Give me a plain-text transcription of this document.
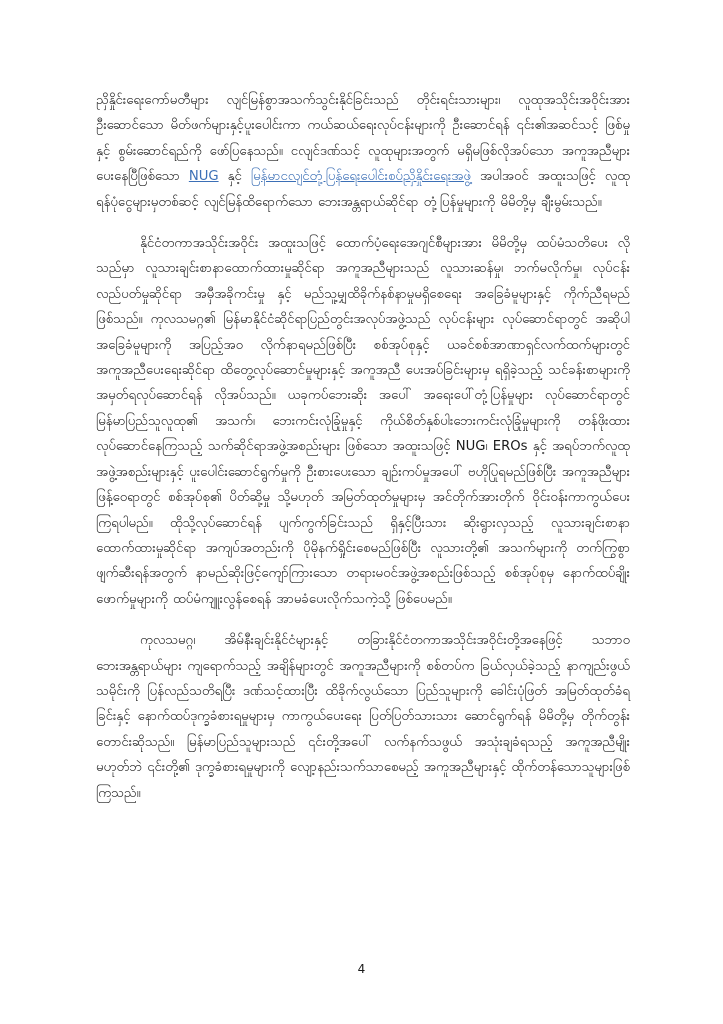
ညှိနှိုင်းရေးကော်မတီများ လျင်မြန်စွာအသက်သွင်းနိုင်ခြင်းသည် တိုင်းရင်းသားများ၊ လူထုအသိုင်းအဝိုင်းအား ဦးဆောင်သော မိတ်ဖက်များနှင့်ပူးပေါင်းကာ ကယ်ဆယ်ရေးလုပ်ငန်းများကို ဦးဆောင်ရန် ၎င်း၏အဆင်သင့် ဖြစ်မှုနှင့် စွမ်းဆောင်ရည်ကို ဖော်ပြနေသည်။ ငလျင်ဒဏ်သင့် လူထုများအတွက် မရှိမဖြစ်လိုအပ်သော အကူအညီများ ပေးနေပြီဖြစ်သော NUG နှင့် မြန်မာငလျင်တုံ့ပြန်ရေးပေါင်းစပ်ညှိနှိုင်းရေးအဖွဲ့ အပါအဝင် အထူးသဖြင့် လူထုရန်ပုံငွေများမှတစ်ဆင့် လျင်မြန်ထိရောက်သော ဘေးအန္တရာယ်ဆိုင်ရာ တုံ့ပြန်မှုများကို မိမိတို့မှ ချီးမွမ်းသည်။

နိုင်ငံတကာအသိုင်းအဝိုင်း အထူးသဖြင့် ထောက်ပံ့ရေးအေဂျင်စီများအား မိမိတို့မှ ထပ်မံသတိပေး လိုသည်မှာ လူသားချင်းစာနာထောက်ထားမှုဆိုင်ရာ အကူအညီများသည် လူသားဆန်မှု၊ ဘက်မလိုက်မှု၊ လုပ်ငန်းလည်ပတ်မှုဆိုင်ရာ အမှီအခိုကင်းမှု နှင့် မည်သူ့မျှထိခိုက်နစ်နာမှုမရှိစေရေး အခြေခံမူများနှင့် ကိုက်ညီရမည်ဖြစ်သည်။ ကုလသမဂ္ဂ၏ မြန်မာနိုင်ငံဆိုင်ရာပြည်တွင်းအလုပ်အဖွဲ့သည် လုပ်ငန်းများ လုပ်ဆောင်ရာတွင် အဆိုပါအခြေခံမူများကို အပြည့်အဝ လိုက်နာရမည်ဖြစ်ပြီး စစ်အုပ်စုနှင့် ယခင်စစ်အာဏာရှင်လက်ထက်များတွင် အကူအညီပေးရေးဆိုင်ရာ ထိတွေ့လုပ်ဆောင်မှုများနှင့် အကူအညီ ပေးအပ်ခြင်းများမှ ရရှိခဲ့သည့် သင်ခန်းစာများကို အမှတ်ရလုပ်ဆောင်ရန် လိုအပ်သည်။ ယခုကပ်ဘေးဆိုး အပေါ် အရေးပေါ်တုံ့ပြန်မှုများ လုပ်ဆောင်ရာတွင် မြန်မာပြည်သူလူထု၏ အသက်၊ ဘေးကင်းလုံခြုံမှုနှင့် ကိုယ်စိတ်နှစ်ပါးဘေးကင်းလုံခြုံမှုများကို တန်ဖိုးထားလုပ်ဆောင်နေကြသည့် သက်ဆိုင်ရာအဖွဲ့အစည်းများ ဖြစ်သော အထူးသဖြင့် NUG၊ EROs နှင့် အရပ်ဘက်လူထုအဖွဲ့အစည်းများနှင့် ပူးပေါင်းဆောင်ရွက်မှုကို ဦးစားပေးသော ချဉ်းကပ်မှုအပေါ် ဗဟိုပြုရမည်ဖြစ်ပြီး အကူအညီများဖြန့်ဝေရာတွင် စစ်အုပ်စု၏ ပိတ်ဆို့မှု သို့မဟုတ် အမြတ်ထုတ်မှုများမှ အင်တိုက်အားတိုက် ဝိုင်းဝန်းကာကွယ်ပေးကြရပါမည်။ ထိုသို့လုပ်ဆောင်ရန် ပျက်ကွက်ခြင်းသည် ရှိနှင့်ပြီးသား ဆိုးရွားလှသည့် လူသားချင်းစာနာထောက်ထားမှုဆိုင်ရာ အကျပ်အတည်းကို ပိုမိုနက်ရှိုင်းစေမည်ဖြစ်ပြီး လူသားတို့၏ အသက်များကို တက်ကြွစွာဖျက်ဆီးရန်အတွက် နာမည်ဆိုးဖြင့်ကျော်ကြားသော တရားမဝင်အဖွဲ့အစည်းဖြစ်သည့် စစ်အုပ်စုမှ နောက်ထပ်ချိုးဖောက်မှုများကို ထပ်မံကျူးလွန်စေရန် အာမခံပေးလိုက်သကဲ့သို့ ဖြစ်ပေမည်။

ကုလသမဂ္ဂ၊ အိမ်နီးချင်းနိုင်ငံများနှင့် တခြားနိုင်ငံတကာအသိုင်းအဝိုင်းတို့အနေဖြင့် သဘာဝ ဘေးအန္တရာယ်များ ကျရောက်သည့် အချိန်များတွင် အကူအညီများကို စစ်တပ်က ခြယ်လှယ်ခဲ့သည့် နာကျည်းဖွယ်သမိုင်းကို ပြန်လည်သတိရပြီး ဒဏ်သင့်ထားပြီး ထိခိုက်လွယ်သော ပြည်သူများကို ခေါင်းပုံဖြတ် အမြတ်ထုတ်ခံရခြင်းနှင့် နောက်ထပ်ဒုက္ခခံစားရမှုများမှ ကာကွယ်ပေးရေး ပြတ်ပြတ်သားသား ဆောင်ရွက်ရန် မိမိတို့မှ တိုက်တွန်းတောင်းဆိုသည်။ မြန်မာပြည်သူများသည် ၎င်းတို့အပေါ် လက်နက်သဖွယ် အသုံးချခံရသည့် အကူအညီမျိုး မဟုတ်ဘဲ ၎င်းတို့၏ ဒုက္ခခံစားရမှုများကို လျော့နည်းသက်သာစေမည့် အကူအညီများနှင့် ထိုက်တန်သောသူများဖြစ်ကြသည်။

4
